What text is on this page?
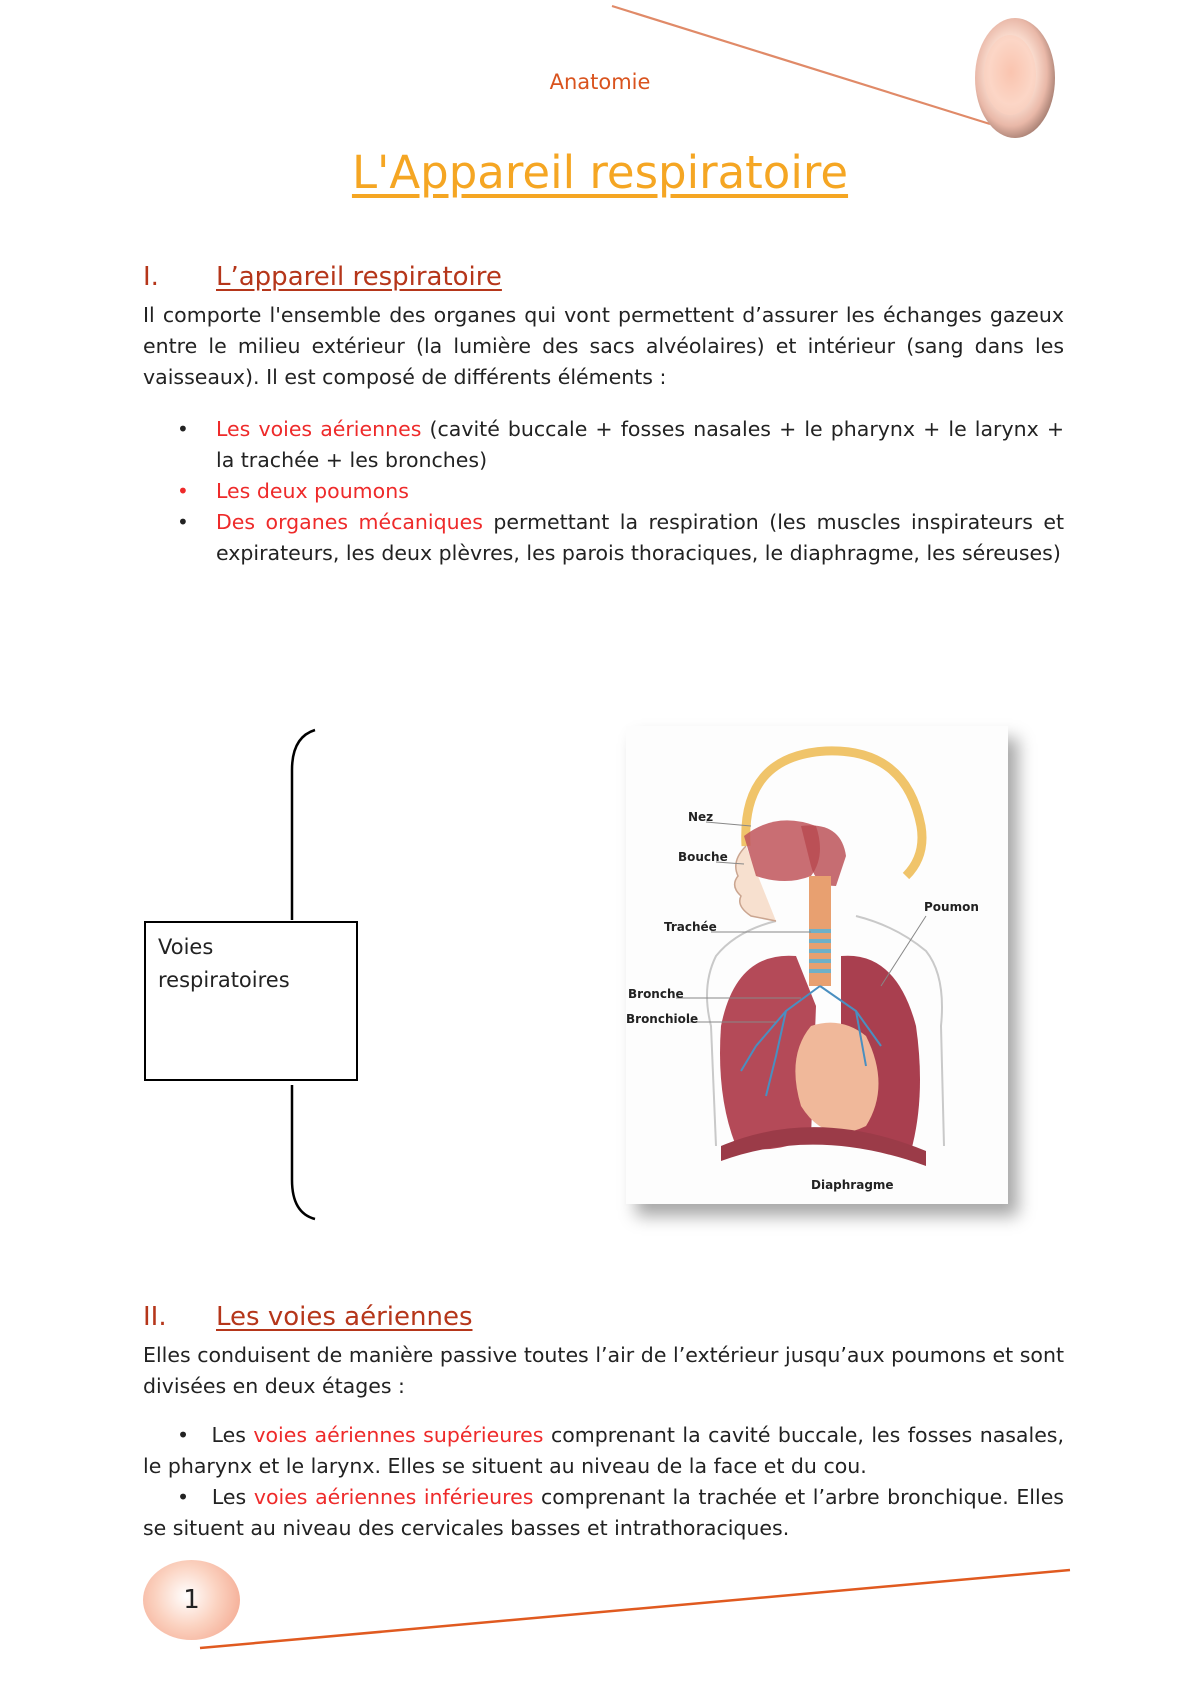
Anatomie
L'Appareil respiratoire
I. L’appareil respiratoire
Il comporte l'ensemble des organes qui vont permettent d’assurer les échanges gazeux entre le milieu extérieur (la lumière des sacs alvéolaires) et intérieur (sang dans les vaisseaux). Il est composé de différents éléments :
• Les voies aériennes (cavité buccale + fosses nasales + le pharynx + le larynx + la trachée + les bronches)
• Les deux poumons
• Des organes mécaniques permettant la respiration (les muscles inspirateurs et expirateurs, les deux plèvres, les parois thoraciques, le diaphragme, les séreuses)
Voies
respiratoires
Nez
Bouche
Trachée
Bronche
Bronchiole
Poumon
Diaphragme
II. Les voies aériennes
Elles conduisent de manière passive toutes l’air de l’extérieur jusqu’aux poumons et sont divisées en deux étages :
•   Les voies aériennes supérieures comprenant la cavité buccale, les fosses nasales, le pharynx et le larynx. Elles se situent au niveau de la face et du cou.
•   Les voies aériennes inférieures comprenant la trachée et l’arbre bronchique. Elles se situent au niveau des cervicales basses et intrathoraciques.
1
